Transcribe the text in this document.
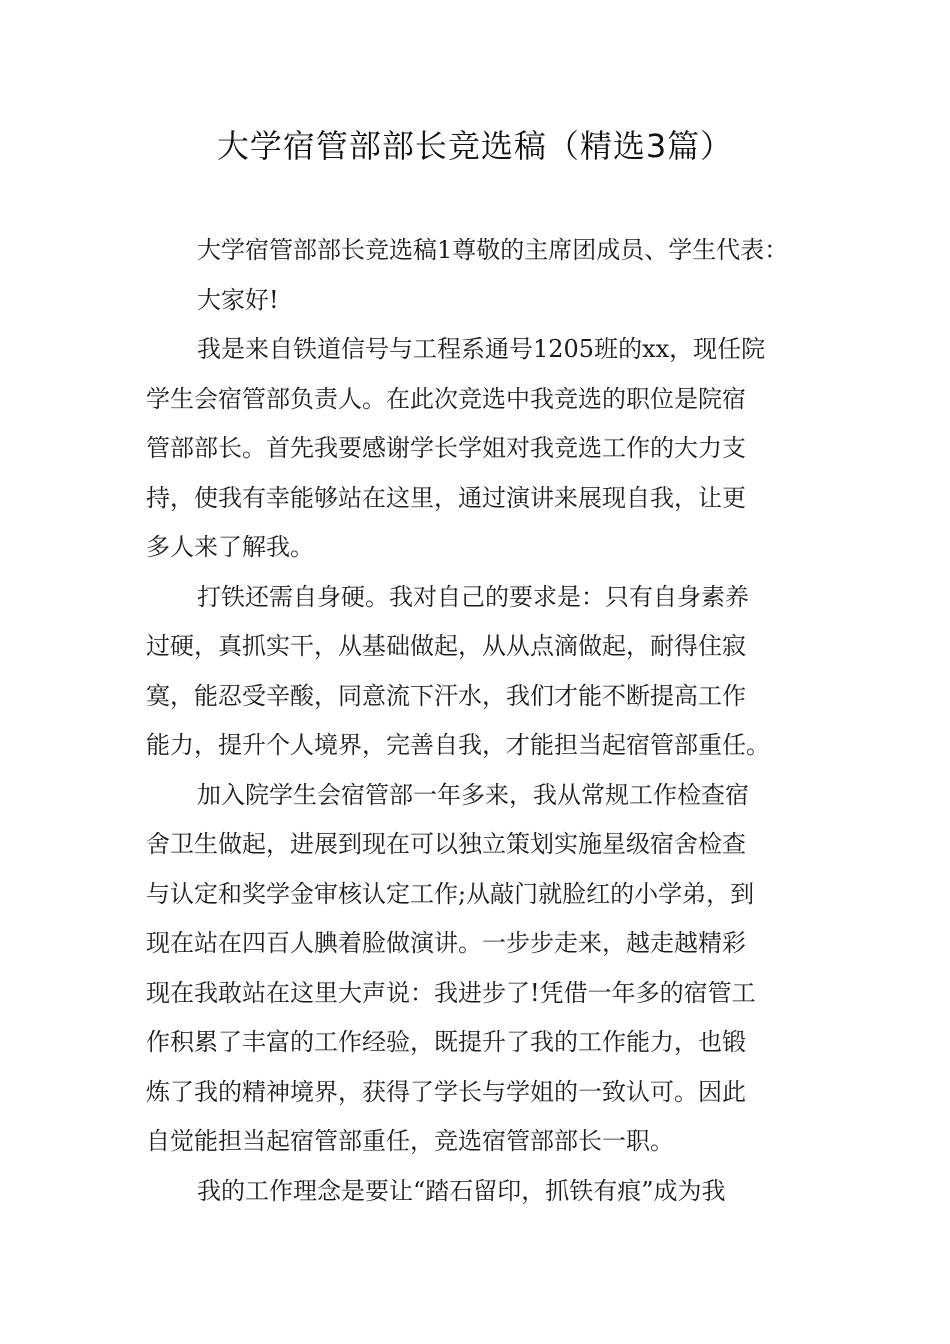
大学宿管部部长竞选稿（精选3篇）

大学宿管部部长竞选稿1尊敬的主席团成员、学生代表：

大家好!

我是来自铁道信号与工程系通号1205班的xx，现任院
学生会宿管部负责人。在此次竞选中我竞选的职位是院宿
管部部长。首先我要感谢学长学姐对我竞选工作的大力支
持，使我有幸能够站在这里，通过演讲来展现自我，让更
多人来了解我。

打铁还需自身硬。我对自己的要求是：只有自身素养
过硬，真抓实干，从基础做起，从从点滴做起，耐得住寂
寞，能忍受辛酸，同意流下汗水，我们才能不断提高工作
能力，提升个人境界，完善自我，才能担当起宿管部重任。

加入院学生会宿管部一年多来，我从常规工作检查宿
舍卫生做起，进展到现在可以独立策划实施星级宿舍检查
与认定和奖学金审核认定工作;从敲门就脸红的小学弟，到
现在站在四百人腆着脸做演讲。一步步走来，越走越精彩
现在我敢站在这里大声说：我进步了!凭借一年多的宿管工
作积累了丰富的工作经验，既提升了我的工作能力，也锻
炼了我的精神境界，获得了学长与学姐的一致认可。因此
自觉能担当起宿管部重任，竞选宿管部部长一职。

我的工作理念是要让“踏石留印，抓铁有痕”成为我
